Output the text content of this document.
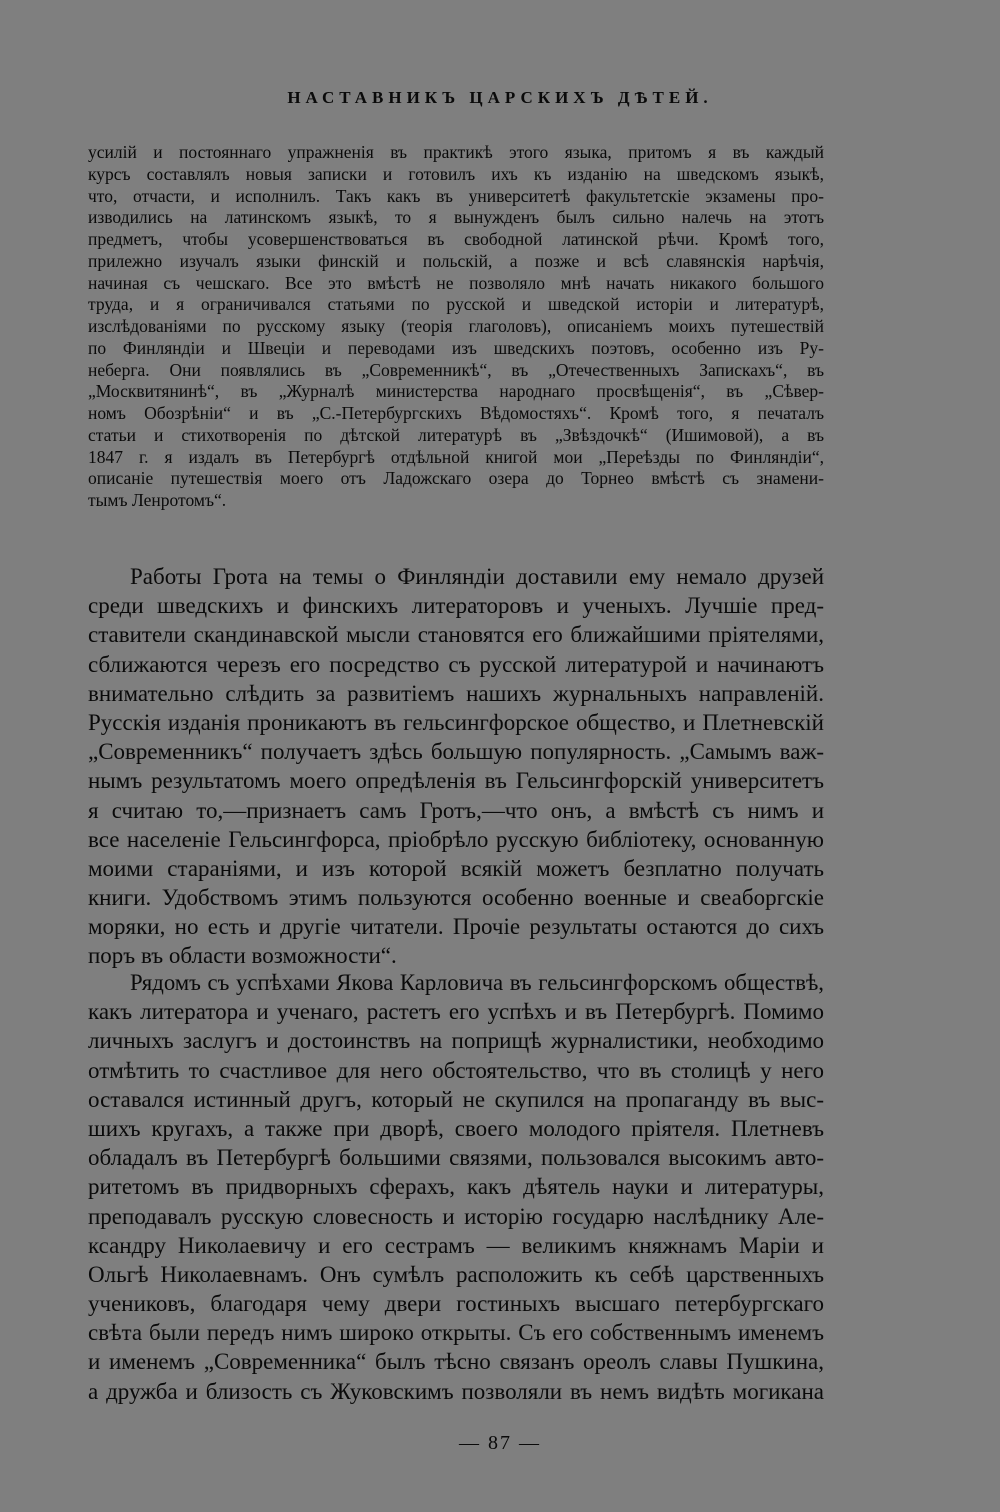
НАСТАВНИКЪ ЦАРСКИХЪ ДѢТЕЙ.
усилій и постояннаго упражненія въ практикѣ этого языка, притомъ я въ каждый
курсъ составлялъ новыя записки и готовилъ ихъ къ изданію на шведскомъ языкѣ,
что, отчасти, и исполнилъ. Такъ какъ въ университетѣ факультетскіе экзамены про-
изводились на латинскомъ языкѣ, то я вынужденъ былъ сильно налечь на этотъ
предметъ, чтобы усовершенствоваться въ свободной латинской рѣчи. Кромѣ того,
прилежно изучалъ языки финскій и польскій, а позже и всѣ славянскія нарѣчія,
начиная съ чешскаго. Все это вмѣстѣ не позволяло мнѣ начать никакого большого
труда, и я ограничивался статьями по русской и шведской исторіи и литературѣ,
изслѣдованіями по русскому языку (теорія глаголовъ), описаніемъ моихъ путешествій
по Финляндіи и Швеціи и переводами изъ шведскихъ поэтовъ, особенно изъ Ру-
неберга. Они появлялись въ „Современникѣ“, въ „Отечественныхъ Запискахъ“, въ
„Москвитянинѣ“, въ „Журналѣ министерства народнаго просвѣщенія“, въ „Сѣвер-
номъ Обозрѣніи“ и въ „С.-Петербургскихъ Вѣдомостяхъ“. Кромѣ того, я печаталъ
статьи и стихотворенія по дѣтской литературѣ въ „Звѣздочкѣ“ (Ишимовой), а въ
1847 г. я издалъ въ Петербургѣ отдѣльной книгой мои „Переѣзды по Финляндіи“,
описаніе путешествія моего отъ Ладожскаго озера до Торнео вмѣстѣ съ знамени-
тымъ Ленротомъ“.
Работы Грота на темы о Финляндіи доставили ему немало друзей
среди шведскихъ и финскихъ литераторовъ и ученыхъ. Лучшіе пред-
ставители скандинавской мысли становятся его ближайшими пріятелями,
сближаются черезъ его посредство съ русской литературой и начинаютъ
внимательно слѣдить за развитіемъ нашихъ журнальныхъ направленій.
Русскія изданія проникаютъ въ гельсингфорское общество, и Плетневскій
„Современникъ“ получаетъ здѣсь большую популярность. „Самымъ важ-
нымъ результатомъ моего опредѣленія въ Гельсингфорскій университетъ
я считаю то,—признаетъ самъ Гротъ,—что онъ, а вмѣстѣ съ нимъ и
все населеніе Гельсингфорса, пріобрѣло русскую библіотеку, основанную
моими стараніями, и изъ которой всякій можетъ безплатно получать
книги. Удобствомъ этимъ пользуются особенно военные и свеаборгскіе
моряки, но есть и другіе читатели. Прочіе результаты остаются до сихъ
поръ въ области возможности“.
Рядомъ съ успѣхами Якова Карловича въ гельсингфорскомъ обществѣ,
какъ литератора и ученаго, растетъ его успѣхъ и въ Петербургѣ. Помимо
личныхъ заслугъ и достоинствъ на поприщѣ журналистики, необходимо
отмѣтить то счастливое для него обстоятельство, что въ столицѣ у него
оставался истинный другъ, который не скупился на пропаганду въ выс-
шихъ кругахъ, а также при дворѣ, своего молодого пріятеля. Плетневъ
обладалъ въ Петербургѣ большими связями, пользовался высокимъ авто-
ритетомъ въ придворныхъ сферахъ, какъ дѣятель науки и литературы,
преподавалъ русскую словесность и исторію государю наслѣднику Але-
ксандру Николаевичу и его сестрамъ — великимъ княжнамъ Маріи и
Ольгѣ Николаевнамъ. Онъ сумѣлъ расположить къ себѣ царственныхъ
учениковъ, благодаря чему двери гостиныхъ высшаго петербургскаго
свѣта были передъ нимъ широко открыты. Съ его собственнымъ именемъ
и именемъ „Современника“ былъ тѣсно связанъ ореолъ славы Пушкина,
а дружба и близость съ Жуковскимъ позволяли въ немъ видѣть могикана
— 87 —
